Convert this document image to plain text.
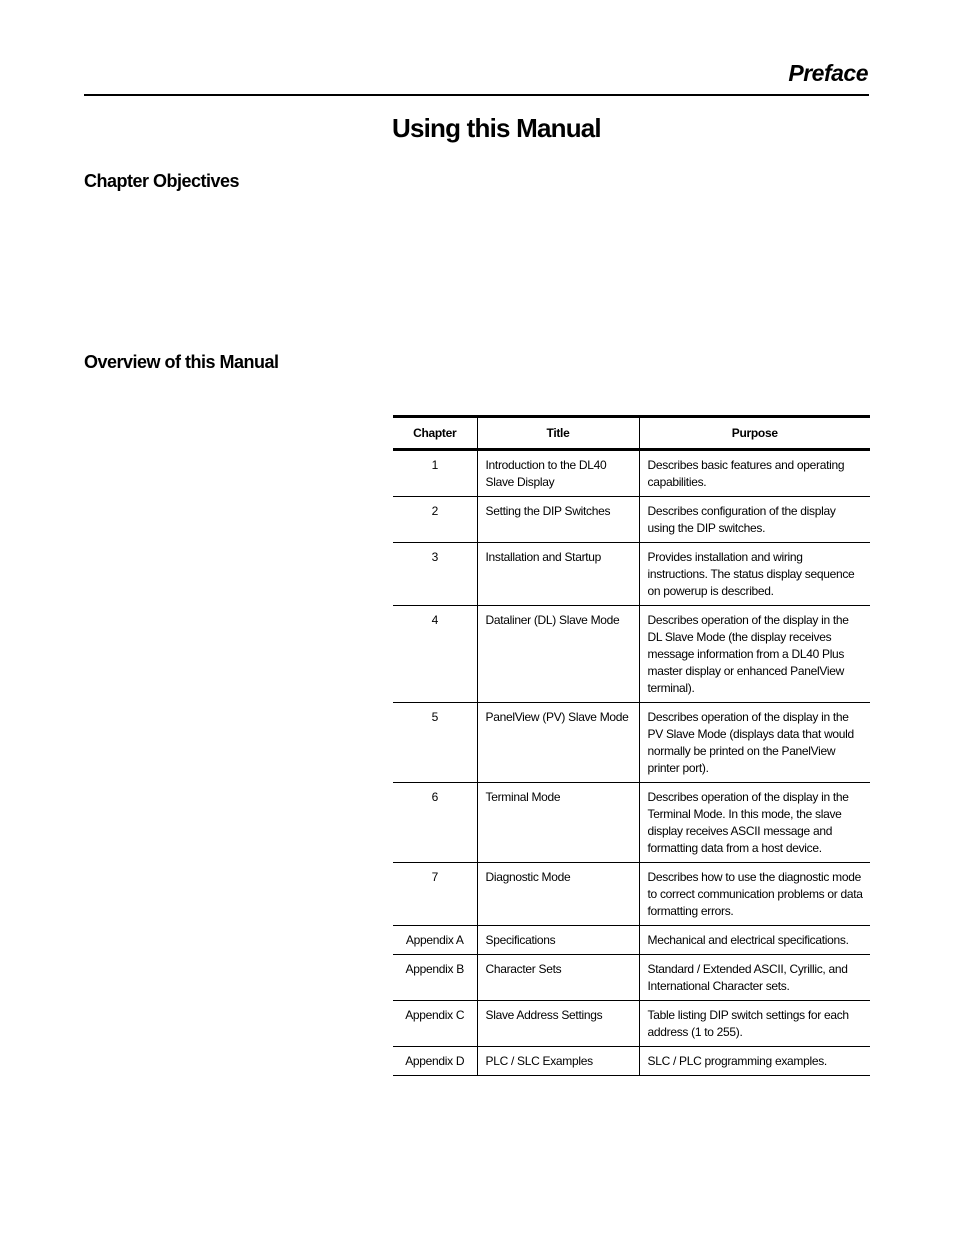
Preface
Using this Manual
Chapter Objectives
Overview of this Manual
Chapter	Title	Purpose
1	Introduction to the DL40 Slave Display	Describes basic features and operating capabilities.
2	Setting the DIP Switches	Describes configuration of the display using the DIP switches.
3	Installation and Startup	Provides installation and wiring instructions. The status display sequence on powerup is described.
4	Dataliner (DL) Slave Mode	Describes operation of the display in the DL Slave Mode (the display receives message information from a DL40 Plus master display or enhanced PanelView terminal).
5	PanelView (PV) Slave Mode	Describes operation of the display in the PV Slave Mode (displays data that would normally be printed on the PanelView printer port).
6	Terminal Mode	Describes operation of the display in the Terminal Mode. In this mode, the slave display receives ASCII message and formatting data from a host device.
7	Diagnostic Mode	Describes how to use the diagnostic mode to correct communication problems or data formatting errors.
Appendix A	Specifications	Mechanical and electrical specifications.
Appendix B	Character Sets	Standard / Extended ASCII, Cyrillic, and International Character sets.
Appendix C	Slave Address Settings	Table listing DIP switch settings for each address (1 to 255).
Appendix D	PLC / SLC Examples	SLC / PLC programming examples.
